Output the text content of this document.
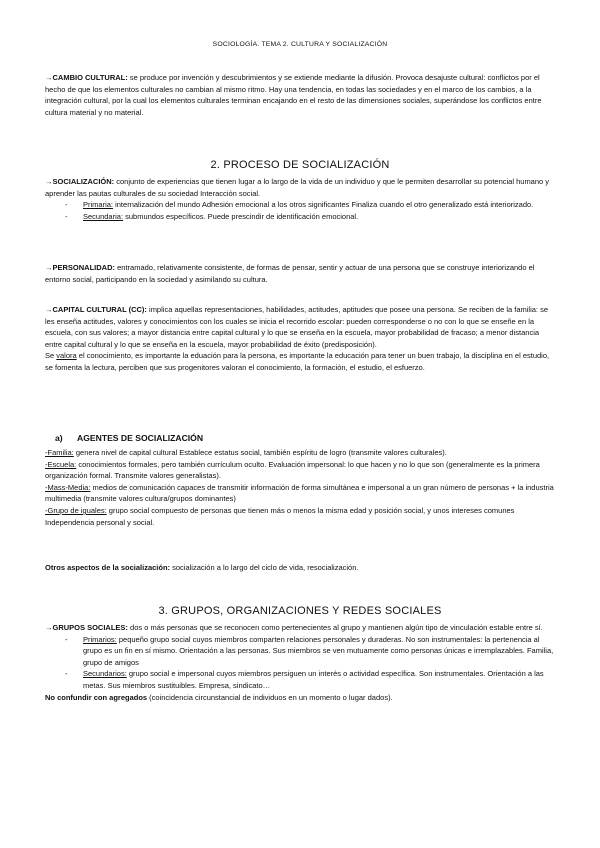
SOCIOLOGÍA. TEMA 2. CULTURA Y SOCIALIZACIÓN

→CAMBIO CULTURAL: se produce por invención y descubrimientos y se extiende mediante la difusión. Provoca desajuste cultural: conflictos por el hecho de que los elementos culturales no cambian al mismo ritmo. Hay una tendencia, en todas las sociedades y en el marco de los cambios, a la integración cultural, por la cual los elementos culturales terminan encajando en el resto de las dimensiones sociales, superándose los conflictos entre cultura material y no material.

2. PROCESO DE SOCIALIZACIÓN

→SOCIALIZACIÓN: conjunto de experiencias que tienen lugar a lo largo de la vida de un individuo y que le permiten desarrollar su potencial humano y aprender las pautas culturales de su sociedad Interacción social.

- Primaria: internalización del mundo Adhesión emocional a los otros significantes Finaliza cuando el otro generalizado está interiorizado.
- Secundaria: submundos específicos. Puede prescindir de identificación emocional.

→PERSONALIDAD: entramado, relativamente consistente, de formas de pensar, sentir y actuar de una persona que se construye interiorizando el entorno social, participando en la sociedad y asimilando su cultura.

→CAPITAL CULTURAL (CC): implica aquellas representaciones, habilidades, actitudes, aptitudes que posee una persona. Se reciben de la familia: se les enseña actitudes, valores y conocimientos con los cuales se inicia el recorrido escolar: pueden corresponderse o no con lo que se enseñe en la escuela, con sus valores; a mayor distancia entre capital cultural y lo que se enseña en la escuela, mayor probabilidad de fracaso; a menor distancia entre capital cultural y lo que se enseña en la escuela, mayor probabilidad de éxito (predisposición).

Se valora el conocimiento, es importante la eduación para la persona, es importante la educación para tener un buen trabajo, la disciplina en el estudio, se fomenta la lectura, perciben que sus progenitores valoran el conocimiento, la formación, el estudio, el esfuerzo.

a) AGENTES DE SOCIALIZACIÓN

-Familia: genera nivel de capital cultural Establece estatus social, también espíritu de logro (transmite valores culturales).

-Escuela: conocimientos formales, pero también currículum oculto. Evaluación impersonal: lo que hacen y no lo que son (generalmente es la primera organización formal. Transmite valores generalistas).

-Mass-Media: medios de comunicación capaces de transmitir información de forma simultánea e impersonal a un gran número de personas + la industria multimedia (transmite valores cultura/grupos dominantes)

-Grupo de iguales: grupo social compuesto de personas que tienen más o menos la misma edad y posición social, y unos intereses comunes Independencia personal y social.

Otros aspectos de la socialización: socialización a lo largo del ciclo de vida, resocialización.

3. GRUPOS, ORGANIZACIONES Y REDES SOCIALES

→GRUPOS SOCIALES: dos o más personas que se reconocen como pertenecientes al grupo y mantienen algún tipo de vinculación estable entre sí.

- Primarios: pequeño grupo social cuyos miembros comparten relaciones personales y duraderas. No son instrumentales: la pertenencia al grupo es un fin en sí mismo. Orientación a las personas. Sus miembros se ven mutuamente como personas únicas e irremplazables. Familia, grupo de amigos
- Secundarios: grupo social e impersonal cuyos miembros persiguen un interés o actividad específica. Son instrumentales. Orientación a las metas. Sus miembros sustituibles. Empresa, sindicato…

No confundir con agregados (coincidencia circunstancial de individuos en un momento o lugar dados).
